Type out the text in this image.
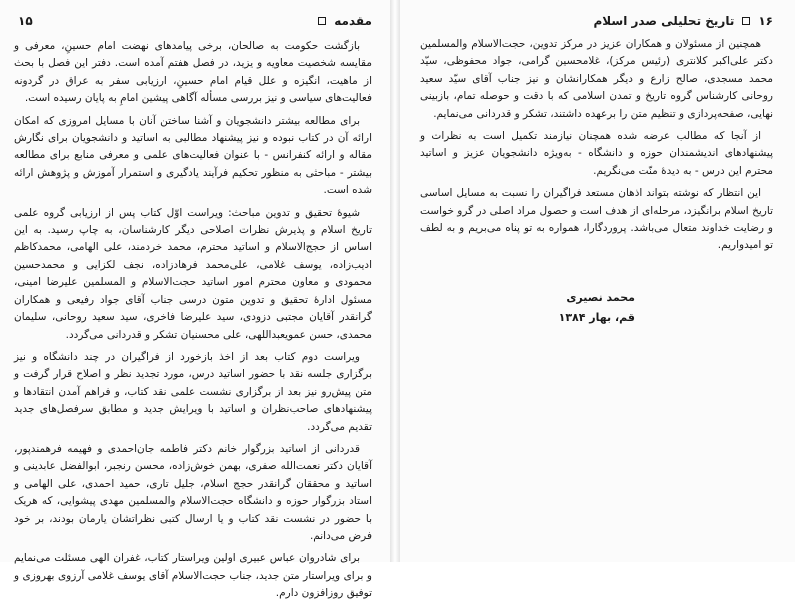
مقدمه
۱۵

بازگشت حکومت به صالحان، برخی پیامدهای نهضت امام حسینِ، معرفی و مقایسه شخصیت معاویه و یزید، در فصل هفتم آمده است. دفتر این فصل با بحث از ماهیت، انگیزه و علل قیام امام حسینِ، ارزیابی سفر به عراق در گردونه فعالیت‌های سیاسی و نیز بررسی مسأله آگاهی پیشین امامِ به پایان رسیده است.

برای مطالعه بیشتر دانشجویان و آشنا ساختن آنان با مسایل امروزی که امکان ارائه آن در کتاب نبوده و نیز پیشنهاد مطالبی به اساتید و دانشجویان برای نگارش مقاله و ارائه کنفرانس - با عنوان فعالیت‌های علمی و معرفی منابع برای مطالعه بیشتر - مباحثی به منظور تحکیم فرآیند یادگیری و استمرار آموزش و پژوهش ارائه شده است.

شیوهٔ تحقیق و تدوین مباحث: ویراست اوّل کتاب پس از ارزیابی گروه علمی تاریخ اسلام و پذیرش نظرات اصلاحی دیگر کارشناسان، به چاپ رسید. به این اساس از حجج‌الاسلام و اساتید محترم، محمد خردمند، علی الهامی، محمدکاظم ادیب‌زاده، یوسف غلامی، علی‌محمد فرهادزاده، نجف لکزایی و محمدحسین محمودی و معاون محترم امور اساتید حجت‌الاسلام و المسلمین علیرضا امینی، مسئول ادارهٔ تحقیق و تدوین متون درسی جناب آقای جواد رفیعی و همکاران گرانقدر آقایان مجتبی دزودی، سید علیرضا فاخری، سید سعید روحانی، سلیمان محمدی، حسن عمویعبداللهی، علی محسنیان تشکر و قدردانی می‌گردد.

ویراست دوم کتاب بعد از اخذ بازخورد از فراگیران در چند دانشگاه و نیز برگزاری جلسه نقد با حضور اساتید درس، مورد تجدید نظر و اصلاح قرار گرفت و متن پیش‌رو نیز بعد از برگزاری نشست علمی نقد کتاب، و فراهم آمدن انتقادها و پیشنهادهای صاحب‌نظران و اساتید با ویرایش جدید و مطابق سرفصل‌های جدید تقدیم می‌گردد.

قدردانی از اساتید بزرگوار خانم دکتر فاطمه جان‌احمدی و فهیمه فرهمندپور، آقایان دکتر نعمت‌الله صفری، بهمن خوش‌زاده، محسن رنجبر، ابوالفضل عابدینی و اساتید و محققان گرانقدر حجج اسلام، جلیل تاری، حمید احمدی، علی الهامی و استاد بزرگوار حوزه و دانشگاه حجت‌الاسلام والمسلمین مهدی پیشوایی، که هریک با حضور در نشست نقد کتاب و یا ارسال کتبی نظراتشان یارمان بودند، بر خود فرض می‌دانم.

برای شادروان عباس عبیری اولین ویراستار کتاب، غفران الهی مسئلت می‌نمایم و برای ویراستار متن جدید، جناب حجت‌الاسلام آقای یوسف غلامی آرزوی بهروزی و توفیق روزافزون دارم.

۱۶
تاریخ تحلیلی صدر اسلام

همچنین از مسئولان و همکاران عزیز در مرکز تدوین، حجت‌الاسلام والمسلمین دکتر علی‌اکبر کلانتری (رئیس مرکز)، غلامحسین گرامی، جواد محفوظی، سیّد محمد مسجدی، صالح زارع و دیگر همکارانشان و نیز جناب آقای سیّد سعید روحانی کارشناس گروه تاریخ و تمدن اسلامی که با دقت و حوصله تمام، بازبینی نهایی، صفحه‌پردازی و تنظیم متن را برعهده داشتند، تشکر و قدردانی می‌نمایم.

از آنجا که مطالب عرضه شده همچنان نیازمند تکمیل است به نظرات و پیشنهادهای اندیشمندان حوزه و دانشگاه - به‌ویژه دانشجویان عزیز و اساتید محترم این درس - به دیدهٔ منّت می‌نگریم.

این انتظار که نوشته بتواند اذهان مستعد فراگیران را نسبت به مسایل اساسی تاریخ اسلام برانگیزد، مرحله‌ای از هدف است و حصول مراد اصلی در گرو خواست و رضایت خداوند متعال می‌باشد. پروردگارا، همواره به تو پناه می‌بریم و به لطف تو امیدواریم.

محمد نصیری
قم، بهار ۱۳۸۴
